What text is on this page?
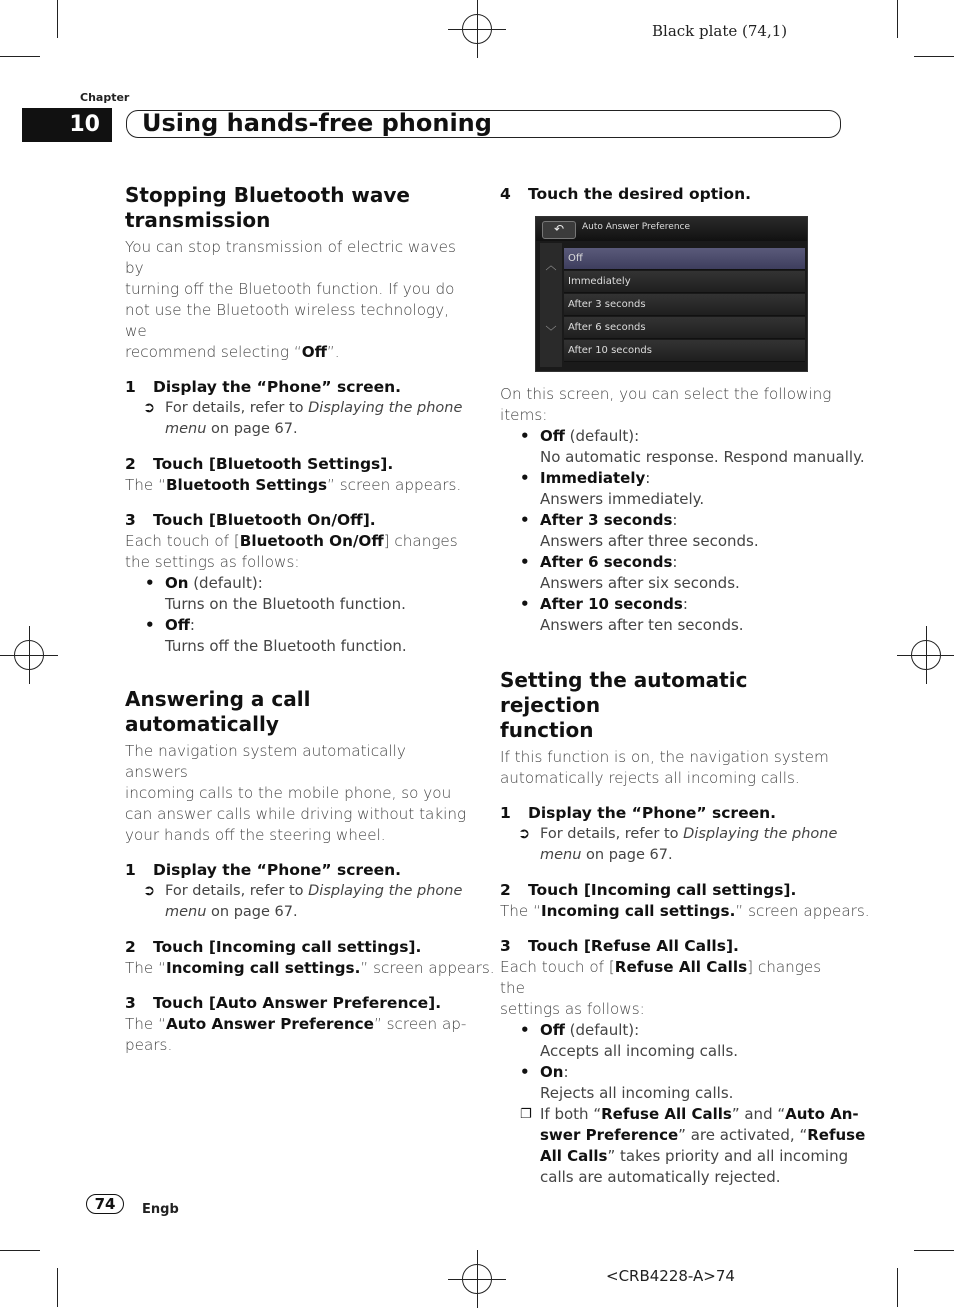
Black plate (74,1)
Chapter
10	Using hands-free phoning

Stopping Bluetooth wave
transmission

You can stop transmission of electric waves by
turning off the Bluetooth function. If you do
not use the Bluetooth wireless technology, we
recommend selecting “Off”.

1 Display the “Phone” screen.

➲ For details, refer to Displaying the phone
menu on page 67.

2 Touch [Bluetooth Settings].

The “Bluetooth Settings” screen appears.

3 Touch [Bluetooth On/Off].

Each touch of [Bluetooth On/Off] changes
the settings as follows:

• On (default):

Turns on the Bluetooth function.

• Off:

Turns off the Bluetooth function.

Answering a call automatically

The navigation system automatically answers
incoming calls to the mobile phone, so you
can answer calls while driving without taking
your hands off the steering wheel.

1 Display the “Phone” screen.

➲ For details, refer to Displaying the phone
menu on page 67.

2 Touch [Incoming call settings].

The “Incoming call settings.” screen appears.

3 Touch [Auto Answer Preference].

The “Auto Answer Preference” screen ap-
pears.

4 Touch the desired option.

↶	Auto Answer Preference
︿
﹀
Off
Immediately
After 3 seconds
After 6 seconds
After 10 seconds

On this screen, you can select the following
items:

• Off (default):

No automatic response. Respond manually.

• Immediately:

Answers immediately.

• After 3 seconds:

Answers after three seconds.

• After 6 seconds:

Answers after six seconds.

• After 10 seconds:

Answers after ten seconds.

Setting the automatic rejection
function

If this function is on, the navigation system
automatically rejects all incoming calls.

1 Display the “Phone” screen.

➲ For details, refer to Displaying the phone
menu on page 67.

2 Touch [Incoming call settings].

The “Incoming call settings.” screen appears.

3 Touch [Refuse All Calls].

Each touch of [Refuse All Calls] changes the
settings as follows:

• Off (default):

Accepts all incoming calls.

• On:

Rejects all incoming calls.

❐ If both “Refuse All Calls” and “Auto An-
swer Preference” are activated, “Refuse
All Calls” takes priority and all incoming
calls are automatically rejected.

74	Engb
<CRB4228-A>74
